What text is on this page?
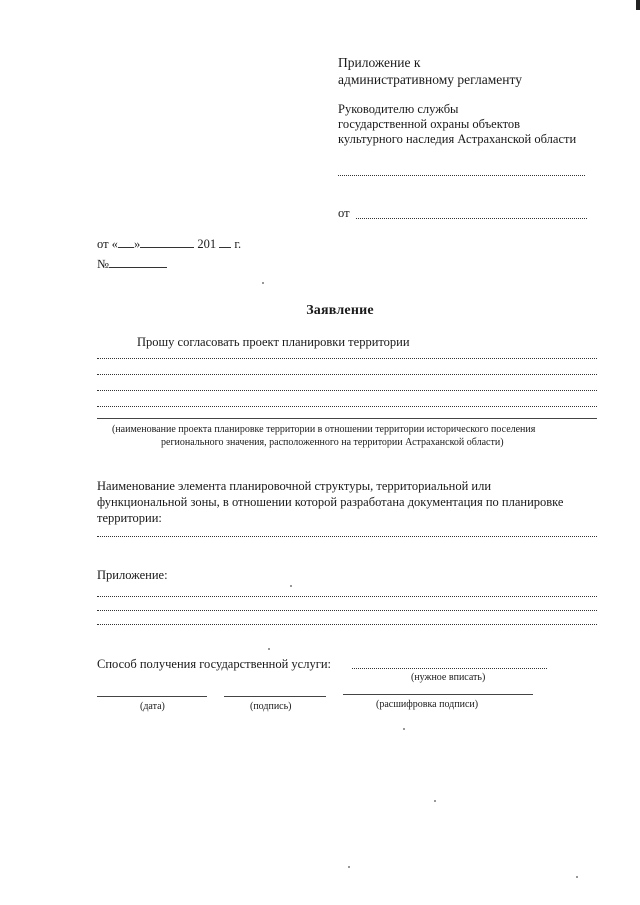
Приложение к
административному регламенту
Руководителю службы
государственной охраны объектов
культурного наследия Астраханской области
от
от « »	201 г.
№
Заявление
Прошу согласовать проект планировки территории
(наименование проекта планировке территории в отношении территории исторического поселения
регионального значения, расположенного на территории Астраханской области)
Наименование элемента планировочной структуры, территориальной или
функциональной зоны, в отношении которой разработана документация по планировке
территории:
Приложение:
Способ получения государственной услуги:
(нужное вписать)
(дата)	(подпись)	(расшифровка подписи)
